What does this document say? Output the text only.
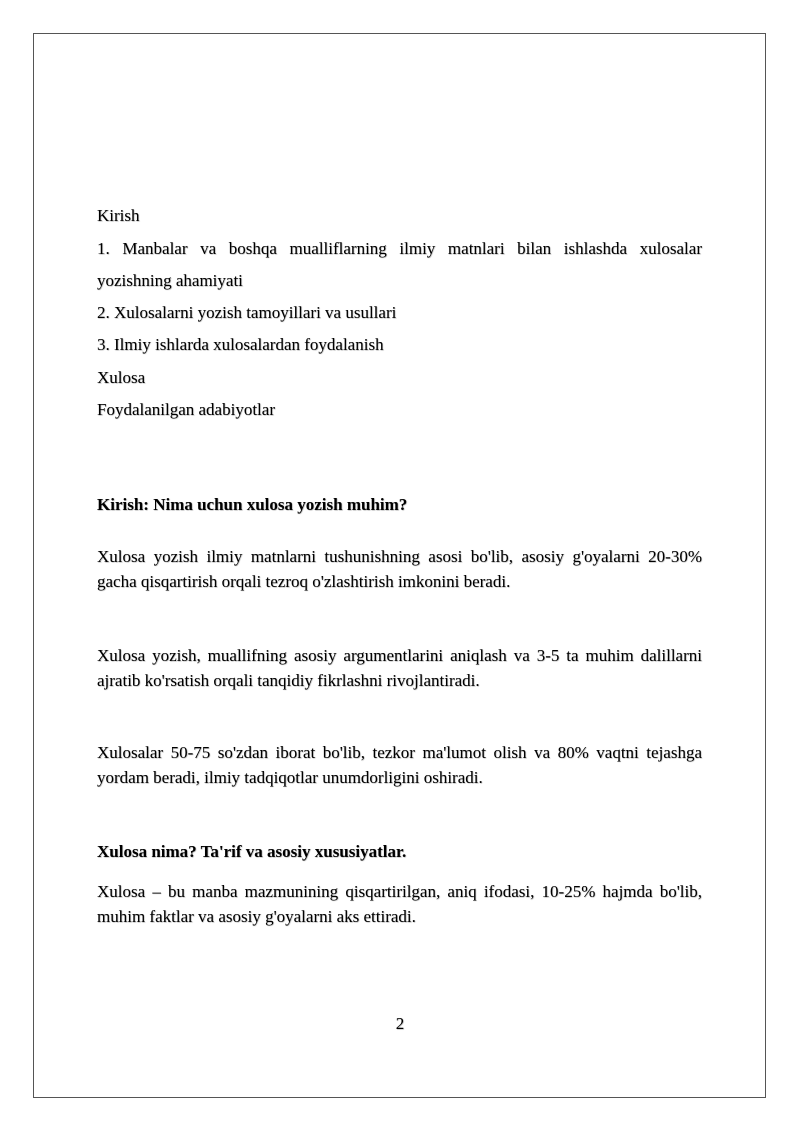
Kirish
1. Manbalar va boshqa mualliflarning ilmiy matnlari bilan ishlashda xulosalar yozishning ahamiyati
2. Xulosalarni yozish tamoyillari va usullari
3. Ilmiy ishlarda xulosalardan foydalanish
Xulosa
Foydalanilgan adabiyotlar
Kirish: Nima uchun xulosa yozish muhim?
Xulosa yozish ilmiy matnlarni tushunishning asosi bo'lib, asosiy g'oyalarni 20-30% gacha qisqartirish orqali tezroq o'zlashtirish imkonini beradi.
Xulosa yozish, muallifning asosiy argumentlarini aniqlash va 3-5 ta muhim dalillarni ajratib ko'rsatish orqali tanqidiy fikrlashni rivojlantiradi.
Xulosalar 50-75 so'zdan iborat bo'lib, tezkor ma'lumot olish va 80% vaqtni tejashga yordam beradi, ilmiy tadqiqotlar unumdorligini oshiradi.
Xulosa nima? Ta'rif va asosiy xususiyatlar.
Xulosa – bu manba mazmunining qisqartirilgan, aniq ifodasi, 10-25% hajmda bo'lib, muhim faktlar va asosiy g'oyalarni aks ettiradi.
2
